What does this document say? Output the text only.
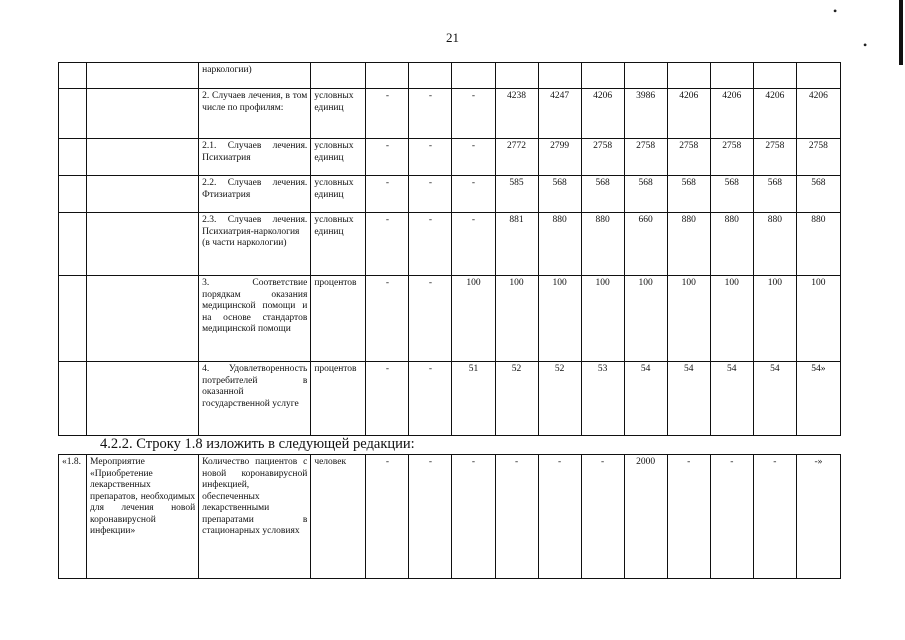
21
•
•
		наркологии)												
		2. Случаев лечения, в том числе по профилям:	условных единиц	-	-	-	4238	4247	4206	3986	4206	4206	4206	4206
		2.1. Случаев лечения. Психиатрия	условных единиц	-	-	-	2772	2799	2758	2758	2758	2758	2758	2758
		2.2. Случаев лечения. Фтизиатрия	условных единиц	-	-	-	585	568	568	568	568	568	568	568
		2.3. Случаев лечения. Психиатрия-наркология (в части наркологии)	условных единиц	-	-	-	881	880	880	660	880	880	880	880
		3. Соответствие порядкам оказания медицинской помощи и на основе стандартов медицинской помощи	процентов	-	-	100	100	100	100	100	100	100	100	100
		4. Удовлетворенность потребителей в оказанной государственной услуге	процентов	-	-	51	52	52	53	54	54	54	54	54»
4.2.2. Строку 1.8 изложить в следующей редакции:
«1.8.	Мероприятие «Приобретение лекарственных препаратов, необходимых для лечения новой коронавирусной инфекции»	Количество пациентов с новой коронавирусной инфекцией, обеспеченных лекарственными препаратами в стационарных условиях	человек	-	-	-	-	-	-	2000	-	-	-	-»
